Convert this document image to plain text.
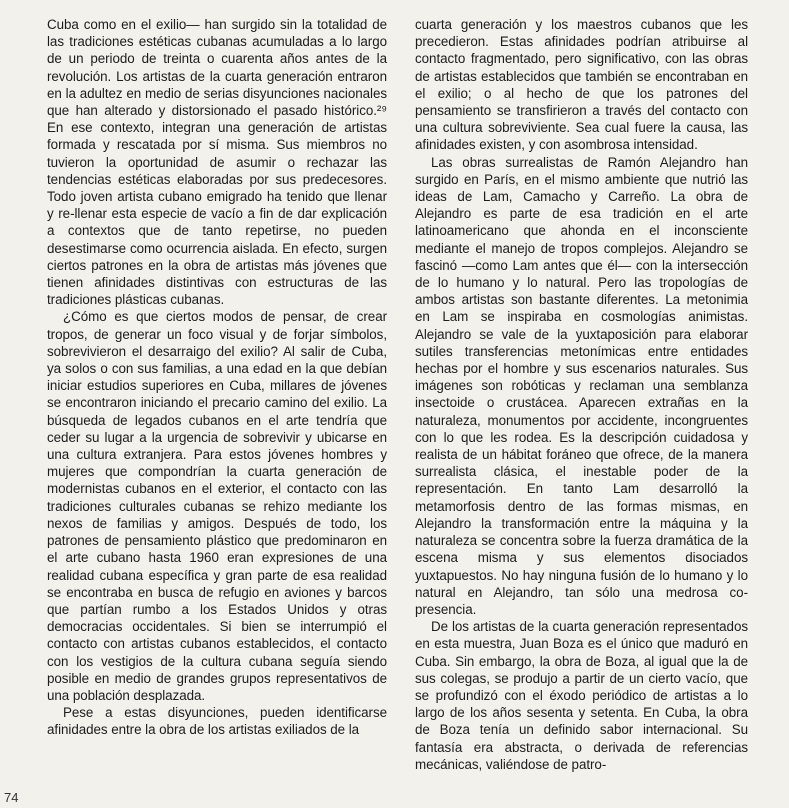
Cuba como en el exilio— han surgido sin la totalidad de las tradiciones estéticas cubanas acumuladas a lo largo de un periodo de treinta o cuarenta años antes de la revolución. Los artistas de la cuarta generación entraron en la adultez en medio de serias disyunciones nacionales que han alterado y distorsionado el pasado histórico.²⁹ En ese contexto, integran una generación de artistas formada y rescatada por sí misma. Sus miembros no tuvieron la oportunidad de asumir o rechazar las tendencias estéticas elaboradas por sus predecesores. Todo joven artista cubano emigrado ha tenido que llenar y re-llenar esta especie de vacío a fin de dar explicación a contextos que de tanto repetirse, no pueden desestimarse como ocurrencia aislada. En efecto, surgen ciertos patrones en la obra de artistas más jóvenes que tienen afinidades distintivas con estructuras de las tradiciones plásticas cubanas.

¿Cómo es que ciertos modos de pensar, de crear tropos, de generar un foco visual y de forjar símbolos, sobrevivieron el desarraigo del exilio? Al salir de Cuba, ya solos o con sus familias, a una edad en la que debían iniciar estudios superiores en Cuba, millares de jóvenes se encontraron iniciando el precario camino del exilio. La búsqueda de legados cubanos en el arte tendría que ceder su lugar a la urgencia de sobrevivir y ubicarse en una cultura extranjera. Para estos jóvenes hombres y mujeres que compondrían la cuarta generación de modernistas cubanos en el exterior, el contacto con las tradiciones culturales cubanas se rehizo mediante los nexos de familias y amigos. Después de todo, los patrones de pensamiento plástico que predominaron en el arte cubano hasta 1960 eran expresiones de una realidad cubana específica y gran parte de esa realidad se encontraba en busca de refugio en aviones y barcos que partían rumbo a los Estados Unidos y otras democracias occidentales. Si bien se interrumpió el contacto con artistas cubanos establecidos, el contacto con los vestigios de la cultura cubana seguía siendo posible en medio de grandes grupos representativos de una población desplazada.

Pese a estas disyunciones, pueden identificarse afinidades entre la obra de los artistas exiliados de la

cuarta generación y los maestros cubanos que les precedieron. Estas afinidades podrían atribuirse al contacto fragmentado, pero significativo, con las obras de artistas establecidos que también se encontraban en el exilio; o al hecho de que los patrones del pensamiento se transfirieron a través del contacto con una cultura sobreviviente. Sea cual fuere la causa, las afinidades existen, y con asombrosa intensidad.

Las obras surrealistas de Ramón Alejandro han surgido en París, en el mismo ambiente que nutrió las ideas de Lam, Camacho y Carreño. La obra de Alejandro es parte de esa tradición en el arte latinoamericano que ahonda en el inconsciente mediante el manejo de tropos complejos. Alejandro se fascinó —como Lam antes que él— con la intersección de lo humano y lo natural. Pero las tropologías de ambos artistas son bastante diferentes. La metonimia en Lam se inspiraba en cosmologías animistas. Alejandro se vale de la yuxtaposición para elaborar sutiles transferencias metonímicas entre entidades hechas por el hombre y sus escenarios naturales. Sus imágenes son robóticas y reclaman una semblanza insectoide o crustácea. Aparecen extrañas en la naturaleza, monumentos por accidente, incongruentes con lo que les rodea. Es la descripción cuidadosa y realista de un hábitat foráneo que ofrece, de la manera surrealista clásica, el inestable poder de la representación. En tanto Lam desarrolló la metamorfosis dentro de las formas mismas, en Alejandro la transformación entre la máquina y la naturaleza se concentra sobre la fuerza dramática de la escena misma y sus elementos disociados yuxtapuestos. No hay ninguna fusión de lo humano y lo natural en Alejandro, tan sólo una medrosa co-presencia.

De los artistas de la cuarta generación representados en esta muestra, Juan Boza es el único que maduró en Cuba. Sin embargo, la obra de Boza, al igual que la de sus colegas, se produjo a partir de un cierto vacío, que se profundizó con el éxodo periódico de artistas a lo largo de los años sesenta y setenta. En Cuba, la obra de Boza tenía un definido sabor internacional. Su fantasía era abstracta, o derivada de referencias mecánicas, valiéndose de patro-

74
